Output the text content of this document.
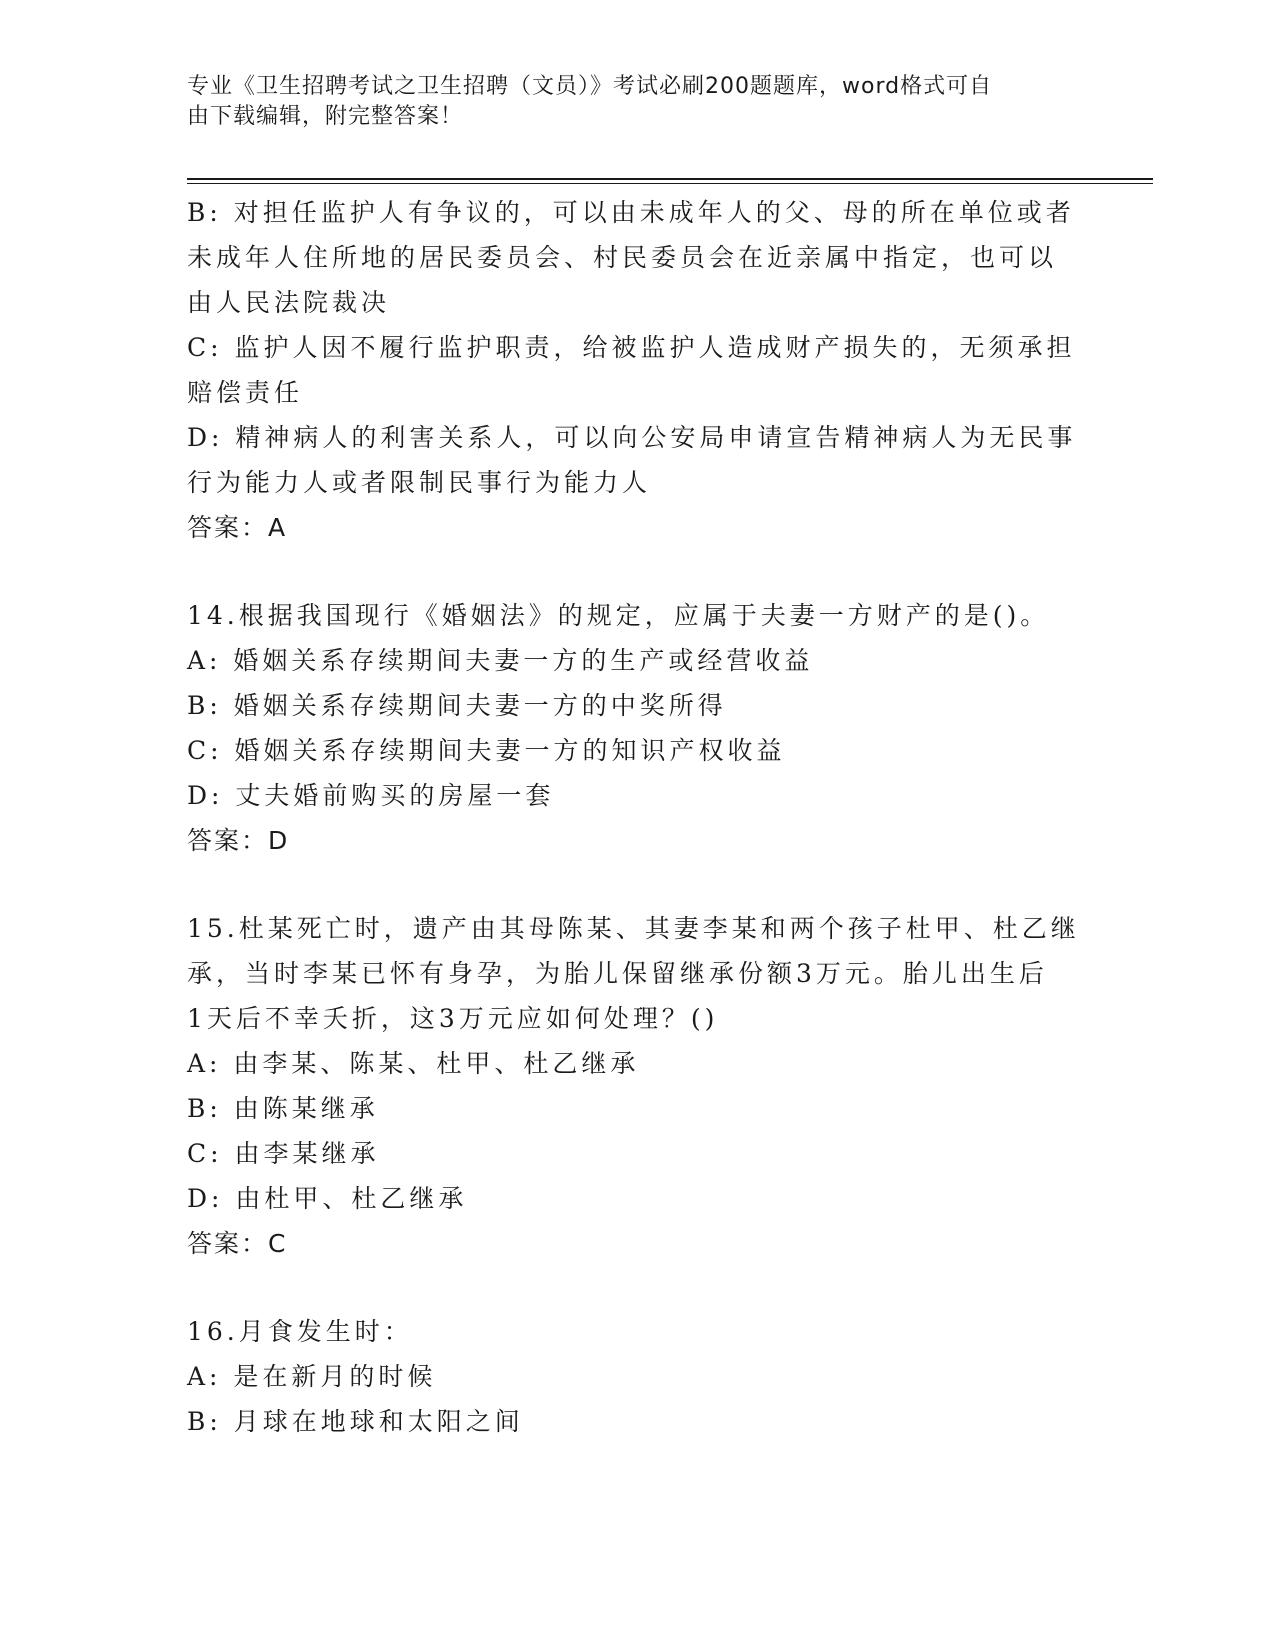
专业《卫生招聘考试之卫生招聘（文员）》考试必刷200题题库，word格式可自
由下载编辑，附完整答案！
B: 对担任监护人有争议的，可以由未成年人的父、母的所在单位或者
未成年人住所地的居民委员会、村民委员会在近亲属中指定，也可以
由人民法院裁决
C: 监护人因不履行监护职责，给被监护人造成财产损失的，无须承担
赔偿责任
D: 精神病人的利害关系人，可以向公安局申请宣告精神病人为无民事
行为能力人或者限制民事行为能力人
答案：A
14.根据我国现行《婚姻法》的规定，应属于夫妻一方财产的是()。
A: 婚姻关系存续期间夫妻一方的生产或经营收益
B: 婚姻关系存续期间夫妻一方的中奖所得
C: 婚姻关系存续期间夫妻一方的知识产权收益
D: 丈夫婚前购买的房屋一套
答案：D
15.杜某死亡时，遗产由其母陈某、其妻李某和两个孩子杜甲、杜乙继
承，当时李某已怀有身孕，为胎儿保留继承份额3万元。胎儿出生后
1天后不幸夭折，这3万元应如何处理？()
A: 由李某、陈某、杜甲、杜乙继承
B: 由陈某继承
C: 由李某继承
D: 由杜甲、杜乙继承
答案：C
16.月食发生时：
A: 是在新月的时候
B: 月球在地球和太阳之间
